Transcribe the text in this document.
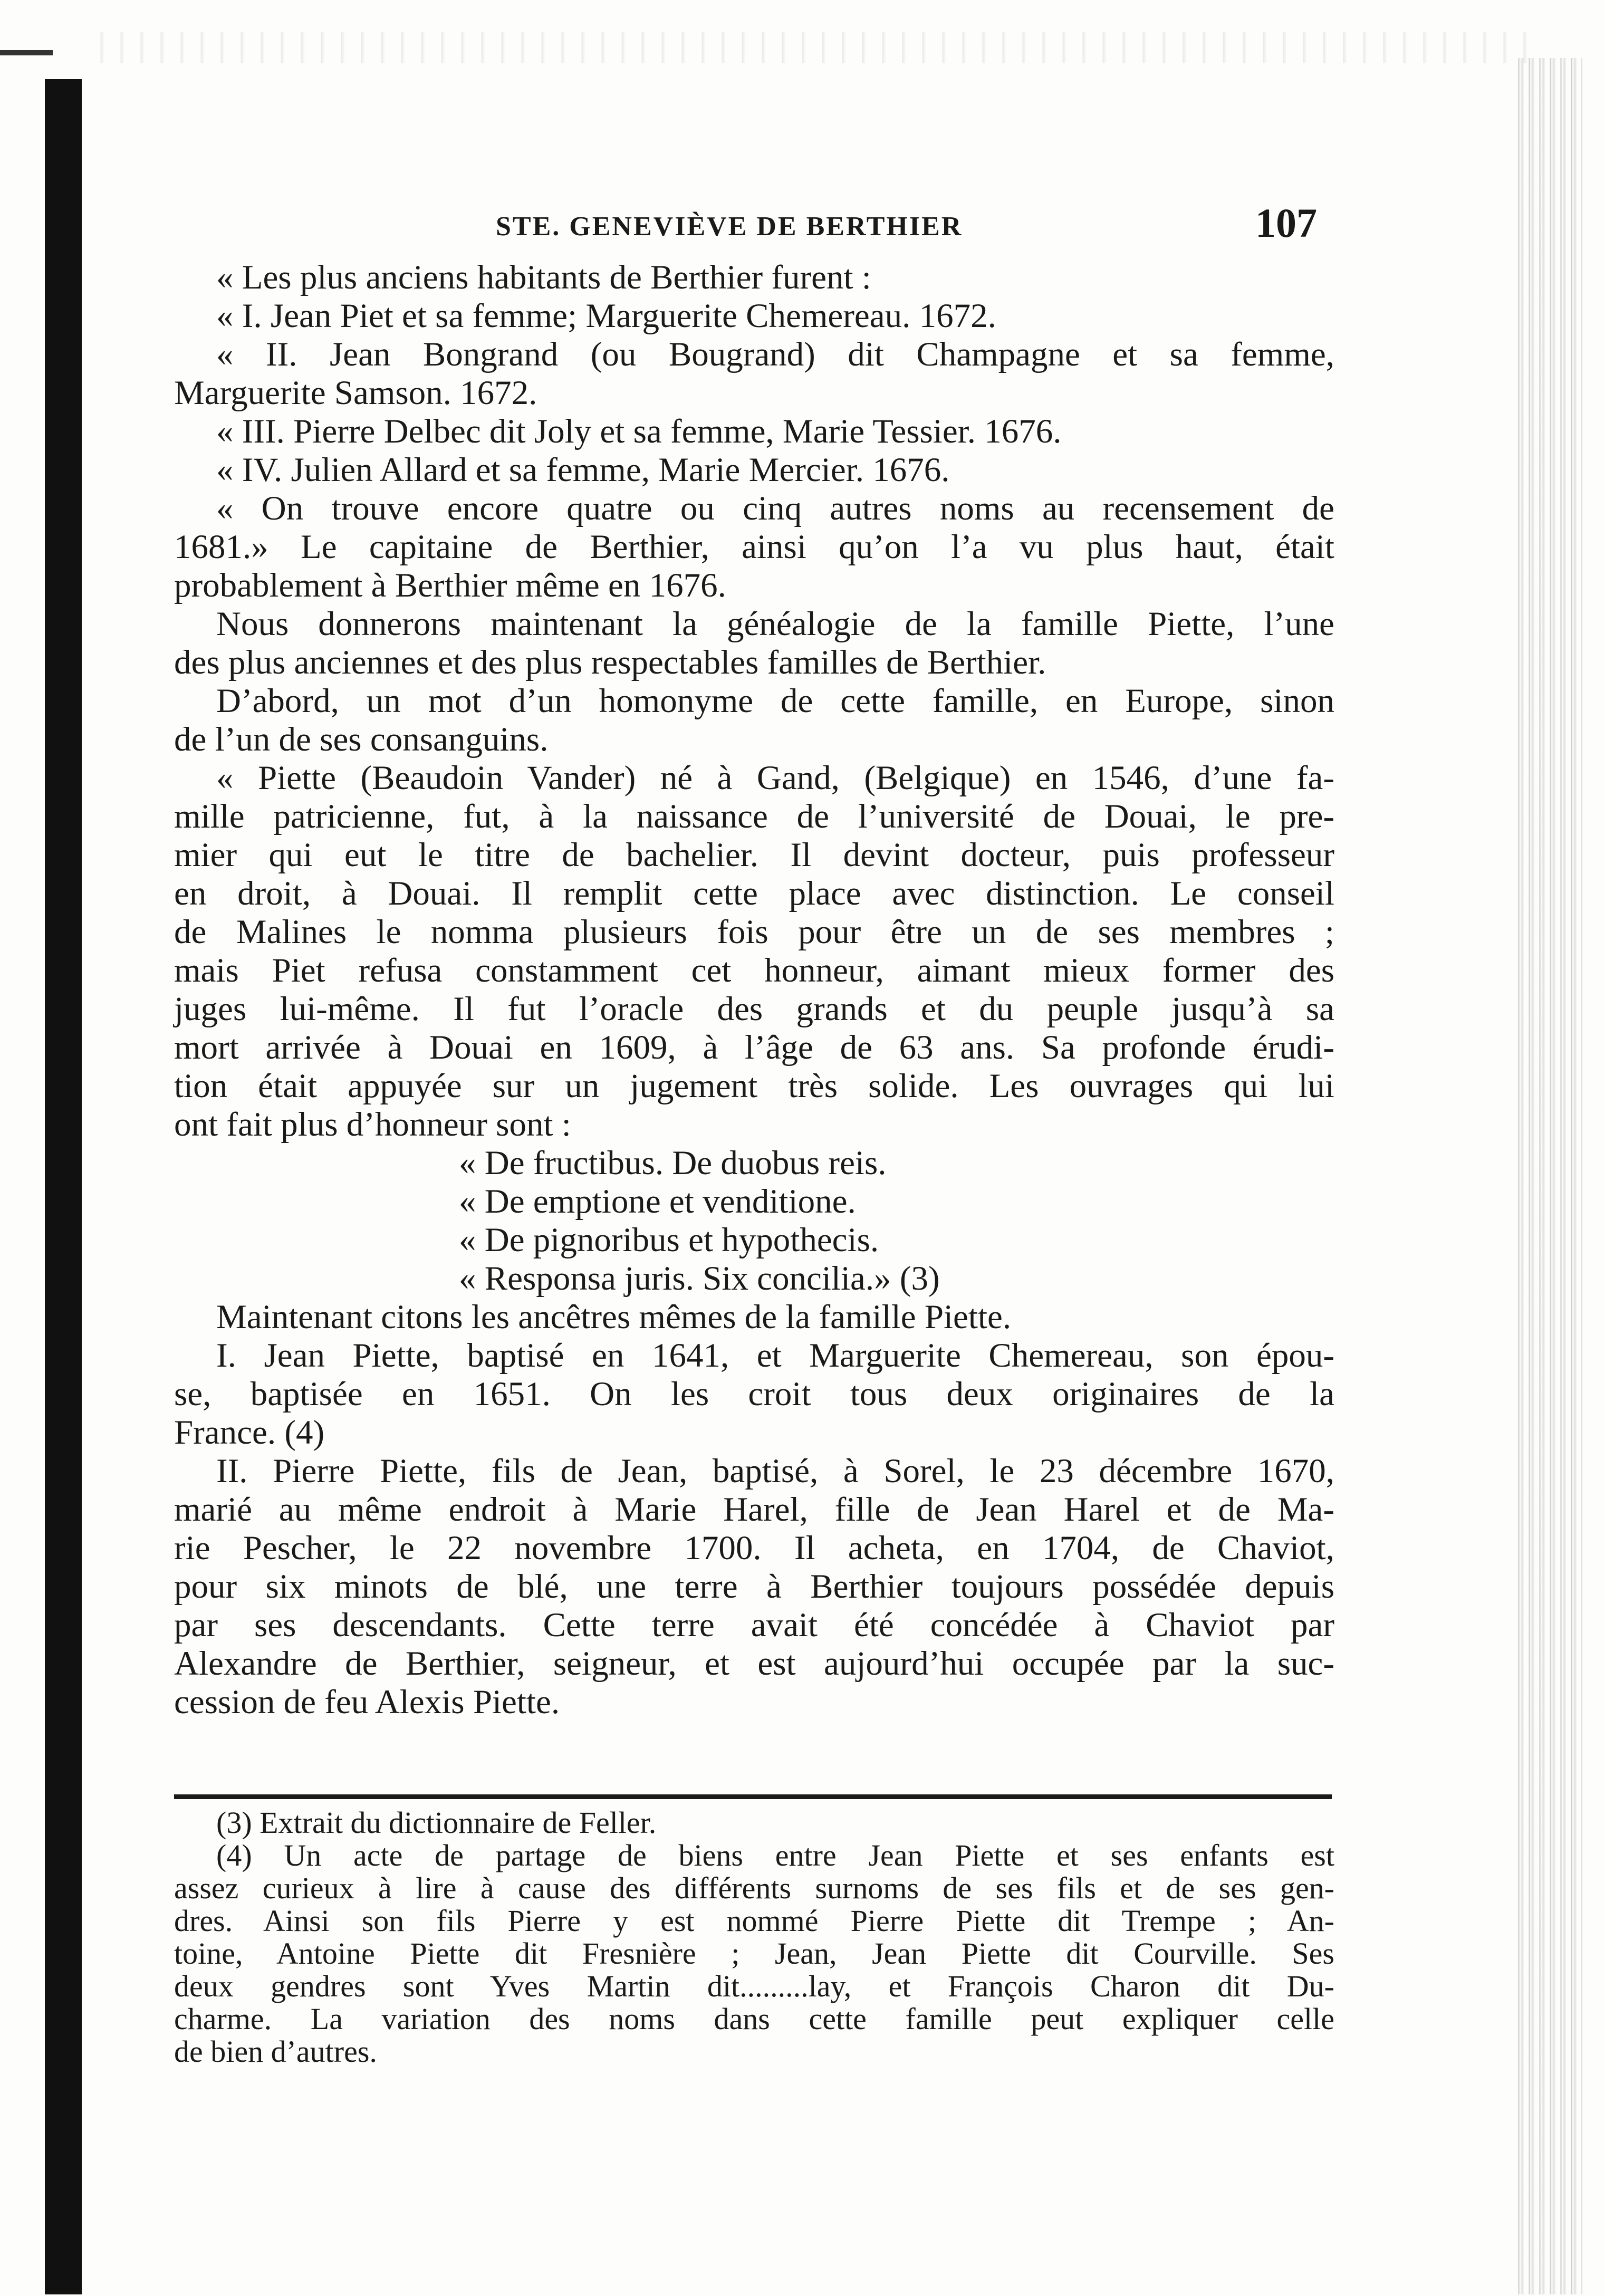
STE. GENEVIÈVE DE BERTHIER	107
« Les plus anciens habitants de Berthier furent :
« I. Jean Piet et sa femme; Marguerite Chemereau. 1672.
« II. Jean Bongrand (ou Bougrand) dit Champagne et sa femme,
Marguerite Samson. 1672.
« III. Pierre Delbec dit Joly et sa femme, Marie Tessier. 1676.
« IV. Julien Allard et sa femme, Marie Mercier. 1676.
« On trouve encore quatre ou cinq autres noms au recensement de
1681.» Le capitaine de Berthier, ainsi qu’on l’a vu plus haut, était
probablement à Berthier même en 1676.
Nous donnerons maintenant la généalogie de la famille Piette, l’une
des plus anciennes et des plus respectables familles de Berthier.
D’abord, un mot d’un homonyme de cette famille, en Europe, sinon
de l’un de ses consanguins.
« Piette (Beaudoin Vander) né à Gand, (Belgique) en 1546, d’une fa-
mille patricienne, fut, à la naissance de l’université de Douai, le pre-
mier qui eut le titre de bachelier. Il devint docteur, puis professeur
en droit, à Douai. Il remplit cette place avec distinction. Le conseil
de Malines le nomma plusieurs fois pour être un de ses membres ;
mais Piet refusa constamment cet honneur, aimant mieux former des
juges lui-même. Il fut l’oracle des grands et du peuple jusqu’à sa
mort arrivée à Douai en 1609, à l’âge de 63 ans. Sa profonde érudi-
tion était appuyée sur un jugement très solide. Les ouvrages qui lui
ont fait plus d’honneur sont :
« De fructibus. De duobus reis.
« De emptione et venditione.
« De pignoribus et hypothecis.
« Responsa juris. Six concilia.» (3)
Maintenant citons les ancêtres mêmes de la famille Piette.
I. Jean Piette, baptisé en 1641, et Marguerite Chemereau, son épou-
se, baptisée en 1651. On les croit tous deux originaires de la
France. (4)
II. Pierre Piette, fils de Jean, baptisé, à Sorel, le 23 décembre 1670,
marié au même endroit à Marie Harel, fille de Jean Harel et de Ma-
rie Pescher, le 22 novembre 1700. Il acheta, en 1704, de Chaviot,
pour six minots de blé, une terre à Berthier toujours possédée depuis
par ses descendants. Cette terre avait été concédée à Chaviot par
Alexandre de Berthier, seigneur, et est aujourd’hui occupée par la suc-
cession de feu Alexis Piette.
(3) Extrait du dictionnaire de Feller.
(4) Un acte de partage de biens entre Jean Piette et ses enfants est
assez curieux à lire à cause des différents surnoms de ses fils et de ses gen-
dres. Ainsi son fils Pierre y est nommé Pierre Piette dit Trempe ; An-
toine, Antoine Piette dit Fresnière ; Jean, Jean Piette dit Courville. Ses
deux gendres sont Yves Martin dit.........lay, et François Charon dit Du-
charme. La variation des noms dans cette famille peut expliquer celle
de bien d’autres.
